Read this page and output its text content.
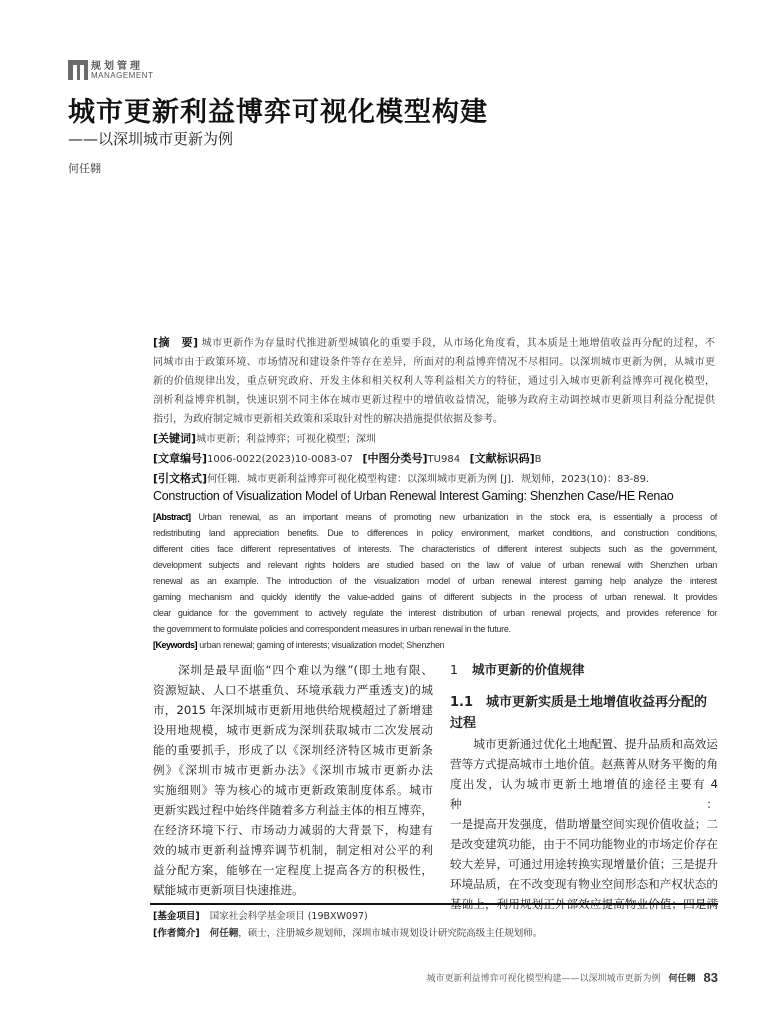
规划管理
MANAGEMENT
城市更新利益博弈可视化模型构建
——以深圳城市更新为例
何任翱
[摘　要] 城市更新作为存量时代推进新型城镇化的重要手段，从市场化角度看，其本质是土地增值收益再分配的过程，不
同城市由于政策环境、市场情况和建设条件等存在差异，所面对的利益博弈情况不尽相同。以深圳城市更新为例，从城市更
新的价值规律出发，重点研究政府、开发主体和相关权利人等利益相关方的特征，通过引入城市更新利益博弈可视化模型，
剖析利益博弈机制，快速识别不同主体在城市更新过程中的增值收益情况，能够为政府主动调控城市更新项目利益分配提供
指引，为政府制定城市更新相关政策和采取针对性的解决措施提供依据及参考。
[关键词]城市更新；利益博弈；可视化模型；深圳
[文章编号]1006-0022(2023)10-0083-07 [中图分类号]TU984 [文献标识码]B
[引文格式]何任翱．城市更新利益博弈可视化模型构建：以深圳城市更新为例 [J]．规划师，2023(10)：83-89.
Construction of Visualization Model of Urban Renewal Interest Gaming: Shenzhen Case/HE Renao
[Abstract] Urban renewal, as an important means of promoting new urbanization in the stock era, is essentially a process of
redistributing land appreciation benefits. Due to differences in policy environment, market conditions, and construction conditions,
different cities face different representatives of interests. The characteristics of different interest subjects such as the government,
development subjects and relevant rights holders are studied based on the law of value of urban renewal with Shenzhen urban
renewal as an example. The introduction of the visualization model of urban renewal interest gaming help analyze the interest
gaming mechanism and quickly identify the value-added gains of different subjects in the process of urban renewal. It provides
clear guidance for the government to actively regulate the interest distribution of urban renewal projects, and provides reference for
the government to formulate policies and correspondent measures in urban renewal in the future.
[Keywords] urban renewal; gaming of interests; visualization model; Shenzhen
　　深圳是最早面临“四个难以为继”(即土地有限、
资源短缺、人口不堪重负、环境承载力严重透支)的城
市，2015 年深圳城市更新用地供给规模超过了新增建
设用地规模，城市更新成为深圳获取城市二次发展动
能的重要抓手，形成了以《深圳经济特区城市更新条
例》《深圳市城市更新办法》《深圳市城市更新办法
实施细则》等为核心的城市更新政策制度体系。城市
更新实践过程中始终伴随着多方利益主体的相互博弈，
在经济环境下行、市场动力减弱的大背景下，构建有
效的城市更新利益博弈调节机制，制定相对公平的利
益分配方案，能够在一定程度上提高各方的积极性，
赋能城市更新项目快速推进。
1 城市更新的价值规律
1.1　城市更新实质是土地增值收益再分配的
过程
　　城市更新通过优化土地配置、提升品质和高效运
营等方式提高城市土地价值。赵燕菁从财务平衡的角
度出发，认为城市更新土地增值的途径主要有 4 种：
一是提高开发强度，借助增量空间实现价值收益；二
是改变建筑功能，由于不同功能物业的市场定价存在
较大差异，可通过用途转换实现增量价值；三是提升
环境品质，在不改变现有物业空间形态和产权状态的
[基金项目] 国家社会科学基金项目 (19BXW097)
[作者简介] 何任翱，硕士，注册城乡规划师，深圳市城市规划设计研究院高级主任规划师。
城市更新利益博弈可视化模型构建——以深圳城市更新为例 何任翱 83
